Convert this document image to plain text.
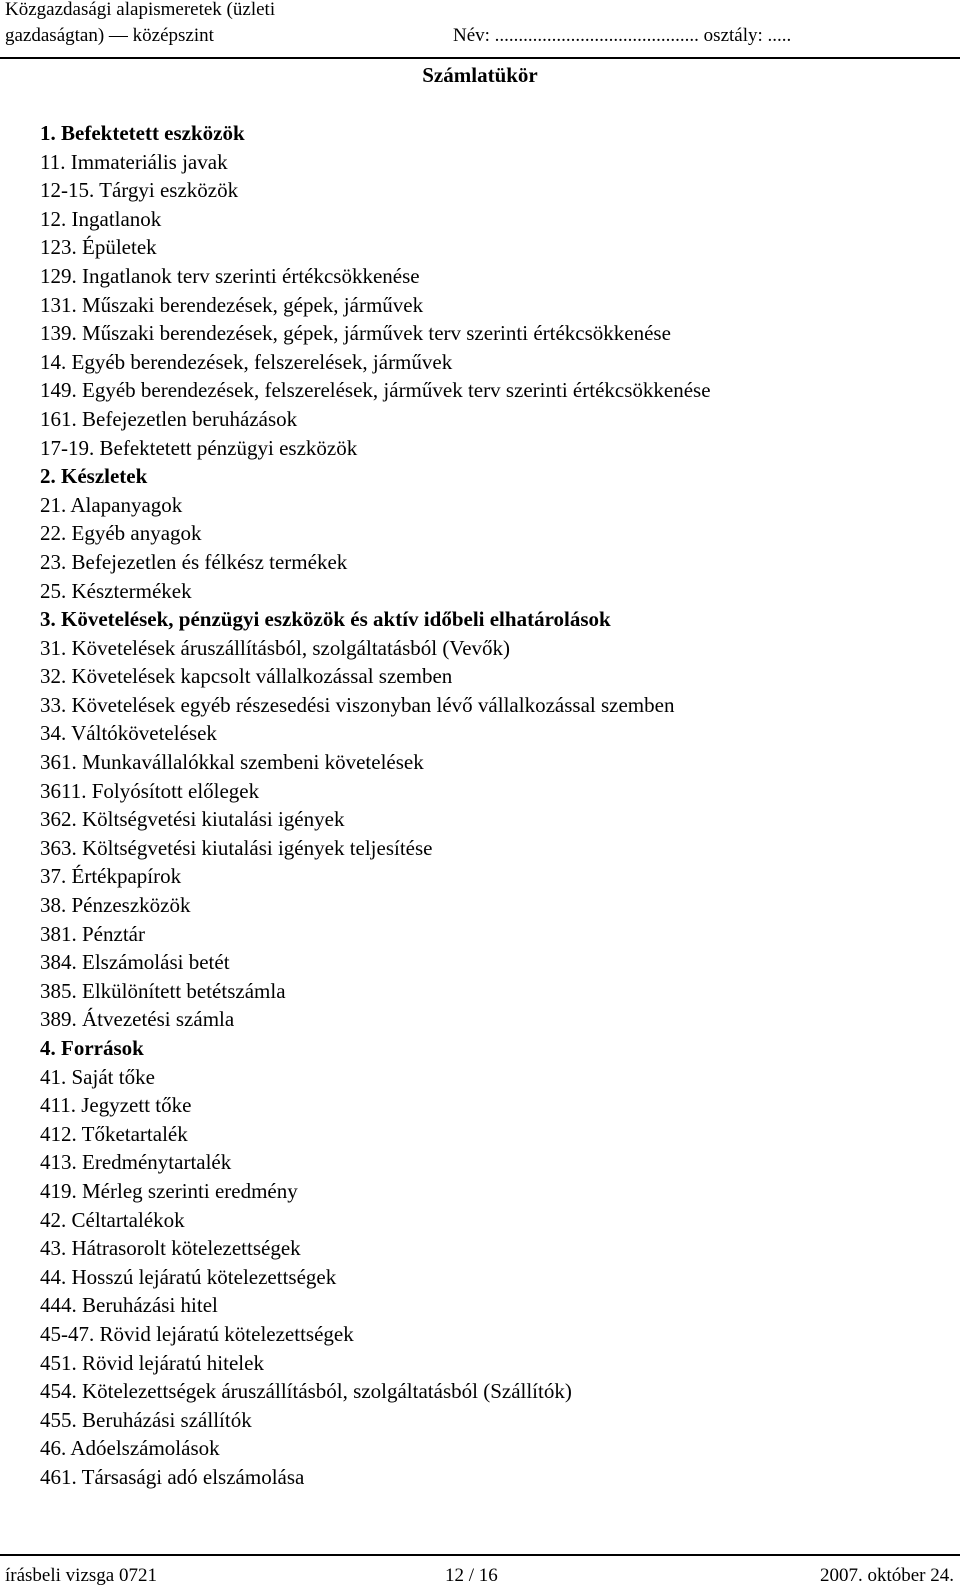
Közgazdasági alapismeretek (üzleti
gazdaságtan) — középszint	Név: ........................................... osztály: .....
Számlatükör
1. Befektetett eszközök
11. Immateriális javak
12-15. Tárgyi eszközök
12. Ingatlanok
123. Épületek
129. Ingatlanok terv szerinti értékcsökkenése
131. Műszaki berendezések, gépek, járművek
139. Műszaki berendezések, gépek, járművek terv szerinti értékcsökkenése
14. Egyéb berendezések, felszerelések, járművek
149. Egyéb berendezések, felszerelések, járművek terv szerinti értékcsökkenése
161. Befejezetlen beruházások
17-19. Befektetett pénzügyi eszközök
2. Készletek
21. Alapanyagok
22. Egyéb anyagok
23. Befejezetlen és félkész termékek
25. Késztermékek
3. Követelések, pénzügyi eszközök és aktív időbeli elhatárolások
31. Követelések áruszállításból, szolgáltatásból (Vevők)
32. Követelések kapcsolt vállalkozással szemben
33. Követelések egyéb részesedési viszonyban lévő vállalkozással szemben
34. Váltókövetelések
361. Munkavállalókkal szembeni követelések
3611. Folyósított előlegek
362. Költségvetési kiutalási igények
363. Költségvetési kiutalási igények teljesítése
37. Értékpapírok
38. Pénzeszközök
381. Pénztár
384. Elszámolási betét
385. Elkülönített betétszámla
389. Átvezetési számla
4. Források
41. Saját tőke
411. Jegyzett tőke
412. Tőketartalék
413. Eredménytartalék
419. Mérleg szerinti eredmény
42. Céltartalékok
43. Hátrasorolt kötelezettségek
44. Hosszú lejáratú kötelezettségek
444. Beruházási hitel
45-47. Rövid lejáratú kötelezettségek
451. Rövid lejáratú hitelek
454. Kötelezettségek áruszállításból, szolgáltatásból (Szállítók)
455. Beruházási szállítók
46. Adóelszámolások
461. Társasági adó elszámolása
írásbeli vizsga 0721	12 / 16	2007. október 24.
